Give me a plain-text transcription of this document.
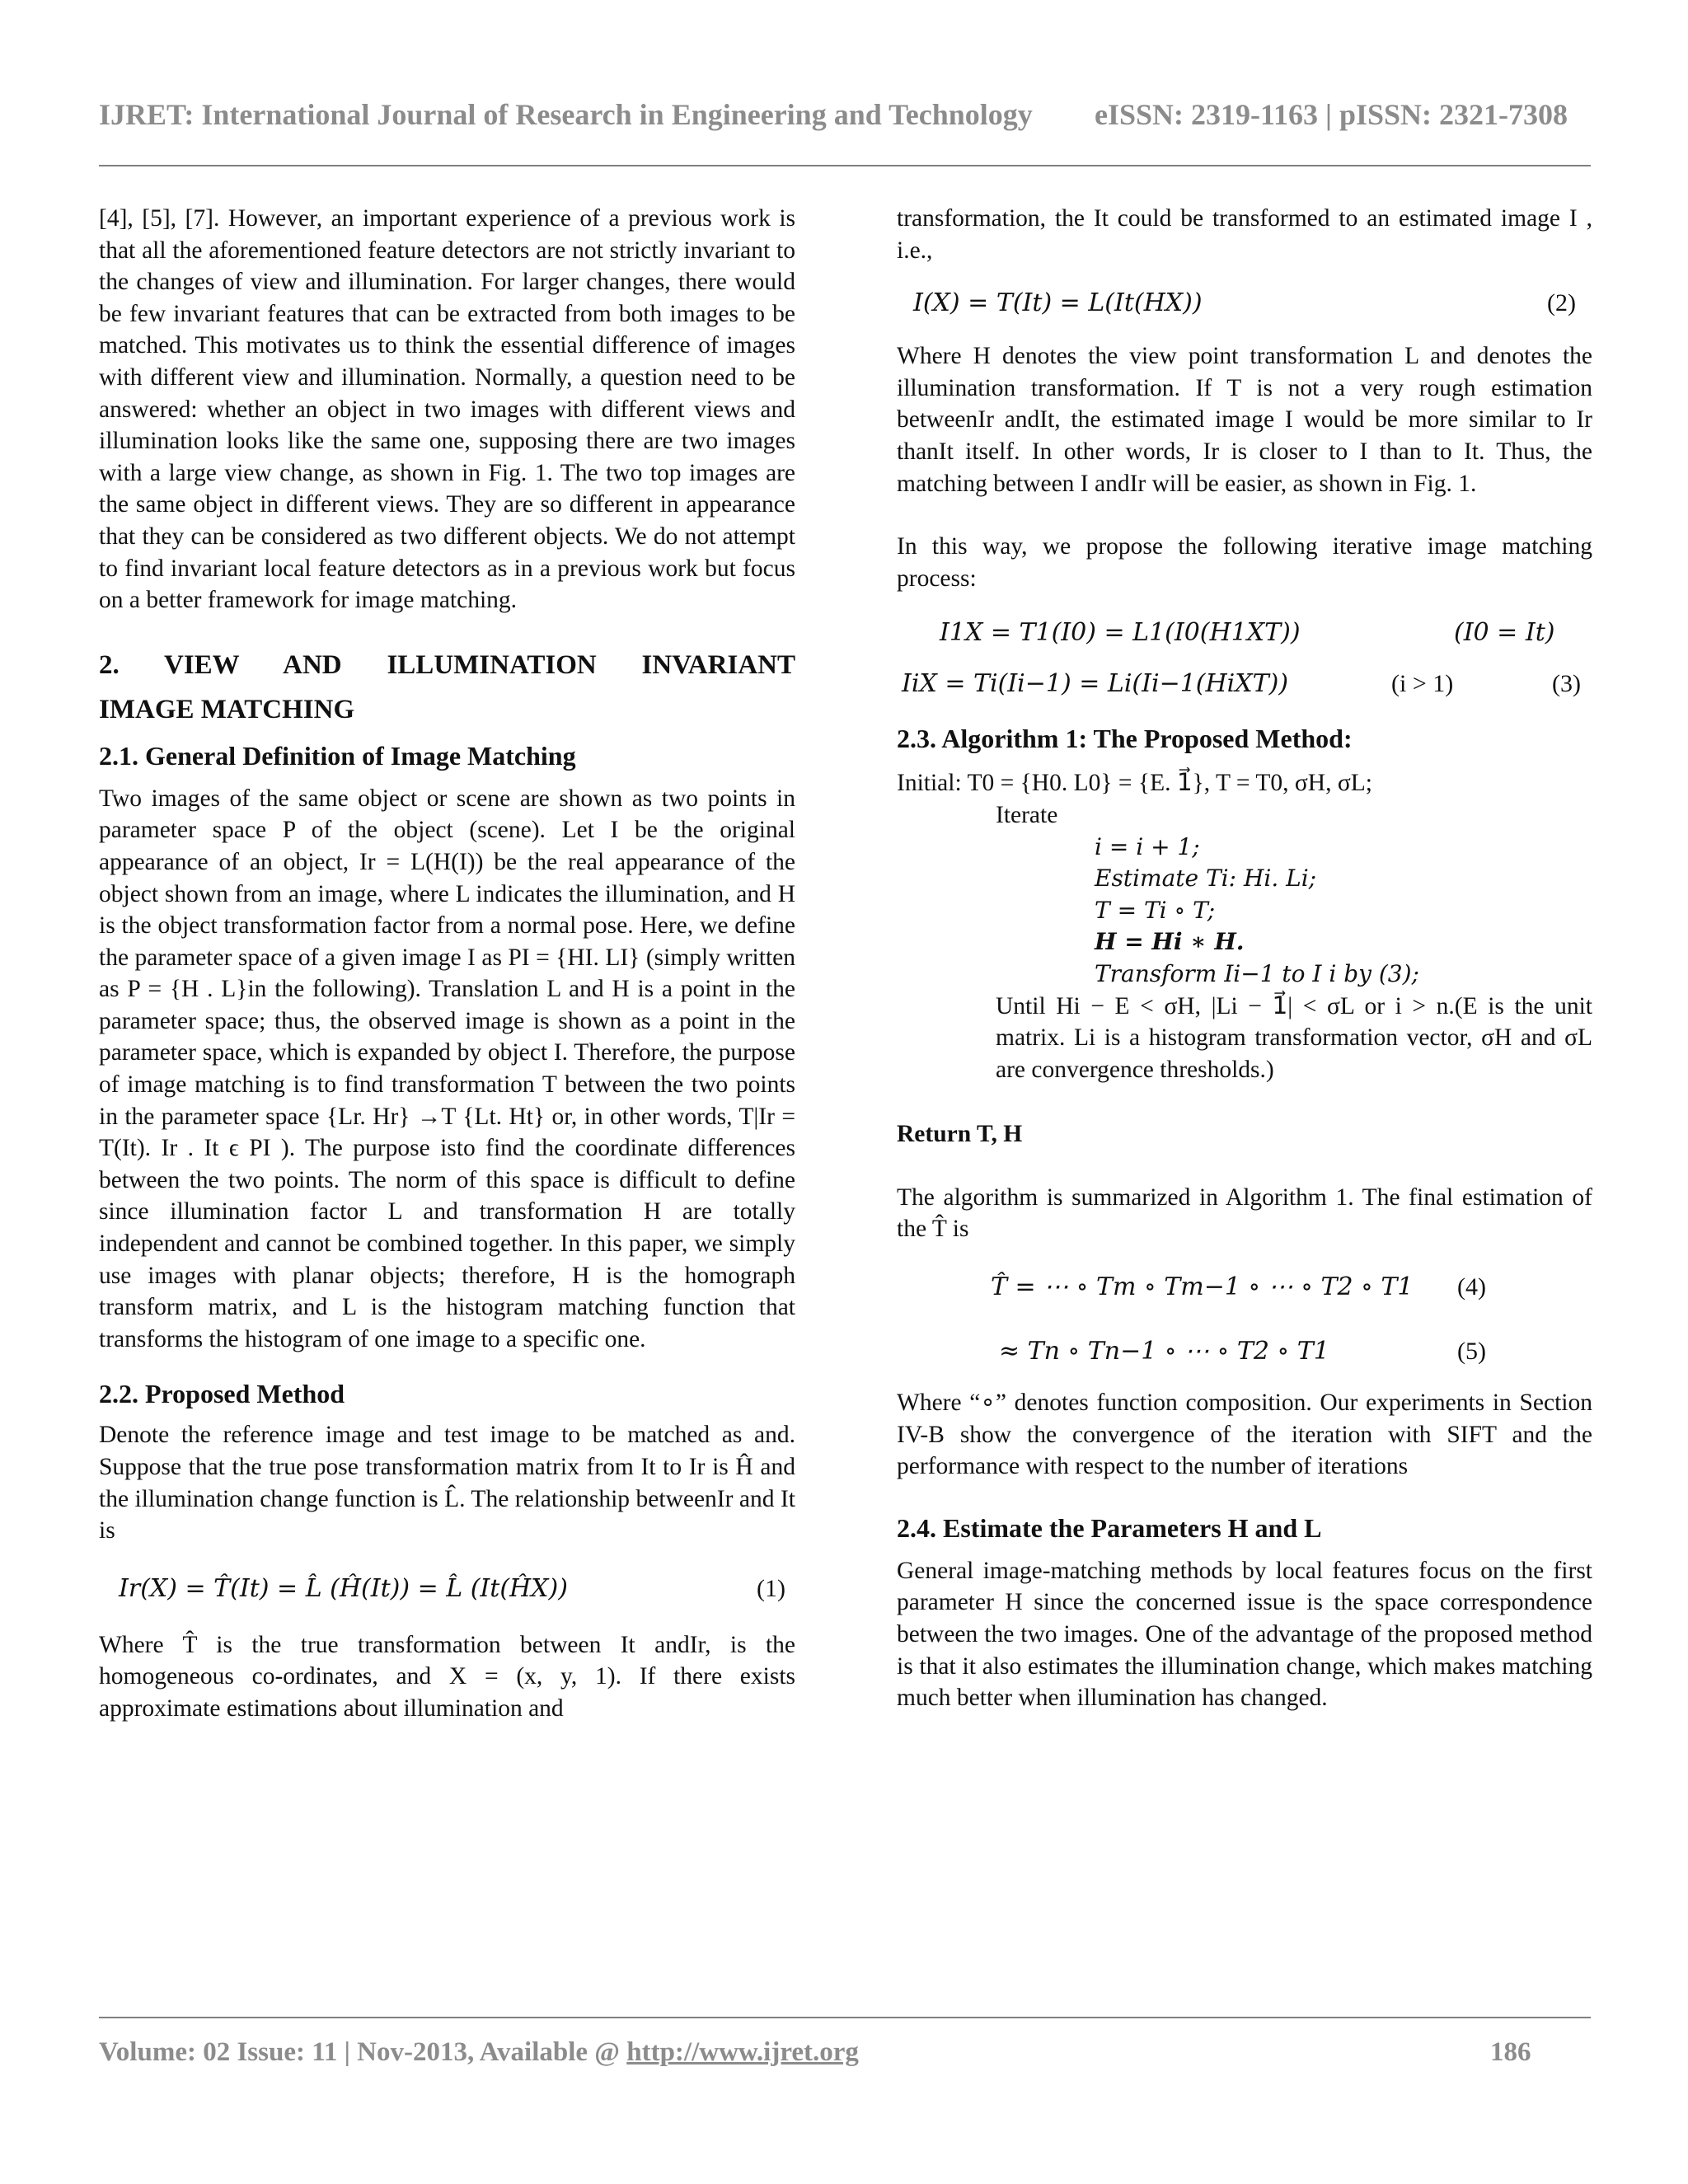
IJRET: International Journal of Research in Engineering and Technology eISSN: 2319-1163 | pISSN: 2321-7308

[4], [5], [7]. However, an important experience of a previous work is that all the aforementioned feature detectors are not strictly invariant to the changes of view and illumination. For larger changes, there would be few invariant features that can be extracted from both images to be matched. This motivates us to think the essential difference of images with different view and illumination. Normally, a question need to be answered: whether an object in two images with different views and illumination looks like the same one, supposing there are two images with a large view change, as shown in Fig. 1. The two top images are the same object in different views. They are so different in appearance that they can be considered as two different objects. We do not attempt to find invariant local feature detectors as in a previous work but focus on a better framework for image matching.

2. VIEW AND ILLUMINATION INVARIANT
IMAGE MATCHING
2.1. General Definition of Image Matching

Two images of the same object or scene are shown as two points in parameter space P of the object (scene). Let I be the original appearance of an object, Ir = L(H(I)) be the real appearance of the object shown from an image, where L indicates the illumination, and H is the object transformation factor from a normal pose. Here, we define the parameter space of a given image I as PI = {HI. LI} (simply written as P = {H . L}in the following). Translation L and H is a point in the parameter space; thus, the observed image is shown as a point in the parameter space, which is expanded by object I. Therefore, the purpose of image matching is to find transformation T between the two points in the parameter space {Lr. Hr} →T {Lt. Ht} or, in other words, T|Ir = T(It). Ir . It ϵ PI ). The purpose isto find the coordinate differences between the two points. The norm of this space is difficult to define since illumination factor L and transformation H are totally independent and cannot be combined together. In this paper, we simply use images with planar objects; therefore, H is the homograph transform matrix, and L is the histogram matching function that transforms the histogram of one image to a specific one.

2.2. Proposed Method

Denote the reference image and test image to be matched as and. Suppose that the true pose transformation matrix from It to Ir is Ĥ and the illumination change function is L̂. The relationship betweenIr and It is

Ir(X) = T̂(It) = L̂ (Ĥ(It)) = L̂ (It(ĤX))	(1)

Where T̂ is the true transformation between It andIr, is the homogeneous co-ordinates, and X = (x, y, 1). If there exists approximate estimations about illumination and

transformation, the It could be transformed to an estimated image I , i.e.,

I(X) = T(It) = L(It(HX))	(2)

Where H denotes the view point transformation L and denotes the illumination transformation. If T is not a very rough estimation betweenIr andIt, the estimated image I would be more similar to Ir thanIt itself. In other words, Ir is closer to I than to It. Thus, the matching between I andIr will be easier, as shown in Fig. 1.

In this way, we propose the following iterative image matching process:

I1X = T1(I0) = L1(I0(H1XT))	(I0 = It)
IiX = Ti(Ii−1) = Li(Ii−1(HiXT))	(i > 1)	(3)
2.3. Algorithm 1: The Proposed Method:
Initial: T0 = {H0. L0} = {E. 1⃗}, T = T0, σH, σL;
Iterate
i = i + 1;
Estimate Ti: Hi. Li;
T = Ti ∘ T;
H = Hi ∗ H.
Transform Ii−1 to I i by (3);
Until Hi − E < σH, |Li − 1⃗| < σL or i > n.(E is the unit matrix. Li is a histogram transformation vector, σH and σL are convergence thresholds.)

Return T, H

The algorithm is summarized in Algorithm 1. The final estimation of the T̂ is

T̂ = ⋯ ∘ Tm ∘ Tm−1 ∘ ⋯ ∘ T2 ∘ T1 (4)
≈ Tn ∘ Tn−1 ∘ ⋯ ∘ T2 ∘ T1	(5)

Where “∘” denotes function composition. Our experiments in Section IV-B show the convergence of the iteration with SIFT and the performance with respect to the number of iterations

2.4. Estimate the Parameters H and L

General image-matching methods by local features focus on the first parameter H since the concerned issue is the space correspondence between the two images. One of the advantage of the proposed method is that it also estimates the illumination change, which makes matching much better when illumination has changed.

Volume: 02 Issue: 11 | Nov-2013, Available @ http://www.ijret.org	186
